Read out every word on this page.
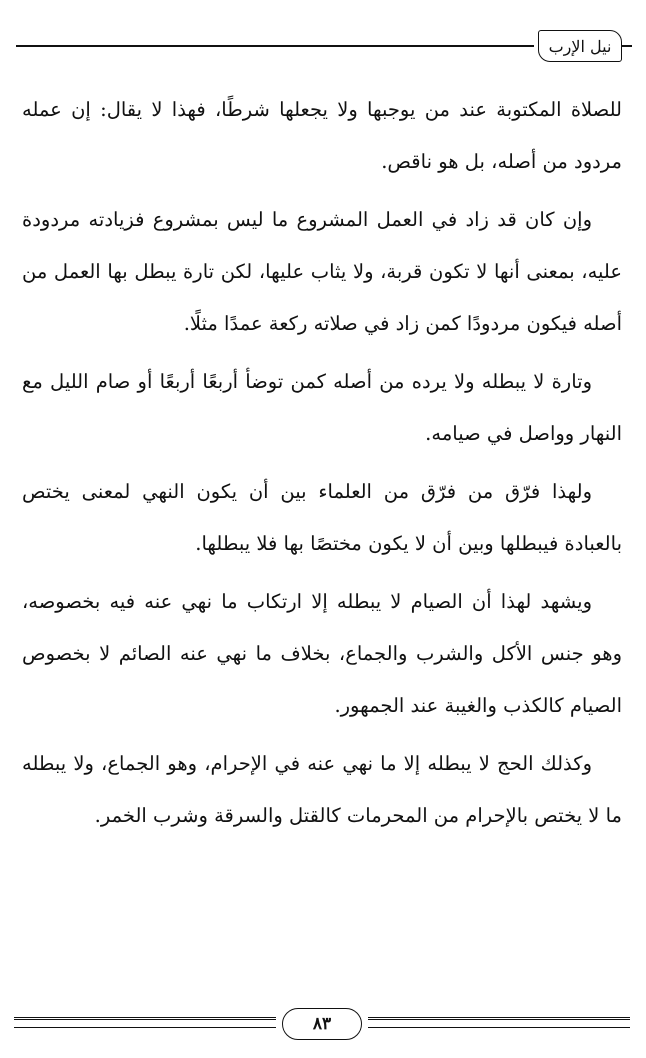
نيل الإرب

للصلاة المكتوبة عند من يوجبها ولا يجعلها شرطًا، فهذا لا يقال: إن عمله مردود من أصله، بل هو ناقص.

وإن كان قد زاد في العمل المشروع ما ليس بمشروع فزيادته مردودة عليه، بمعنى أنها لا تكون قربة، ولا يثاب عليها، لكن تارة يبطل بها العمل من أصله فيكون مردودًا كمن زاد في صلاته ركعة عمدًا مثلًا.

وتارة لا يبطله ولا يرده من أصله كمن توضأ أربعًا أربعًا أو صام الليل مع النهار وواصل في صيامه.

ولهذا فرّق من فرّق من العلماء بين أن يكون النهي لمعنى يختص بالعبادة فيبطلها وبين أن لا يكون مختصًا بها فلا يبطلها.

ويشهد لهذا أن الصيام لا يبطله إلا ارتكاب ما نهي عنه فيه بخصوصه، وهو جنس الأكل والشرب والجماع، بخلاف ما نهي عنه الصائم لا بخصوص الصيام كالكذب والغيبة عند الجمهور.

وكذلك الحج لا يبطله إلا ما نهي عنه في الإحرام، وهو الجماع، ولا يبطله ما لا يختص بالإحرام من المحرمات كالقتل والسرقة وشرب الخمر.

٨٣
